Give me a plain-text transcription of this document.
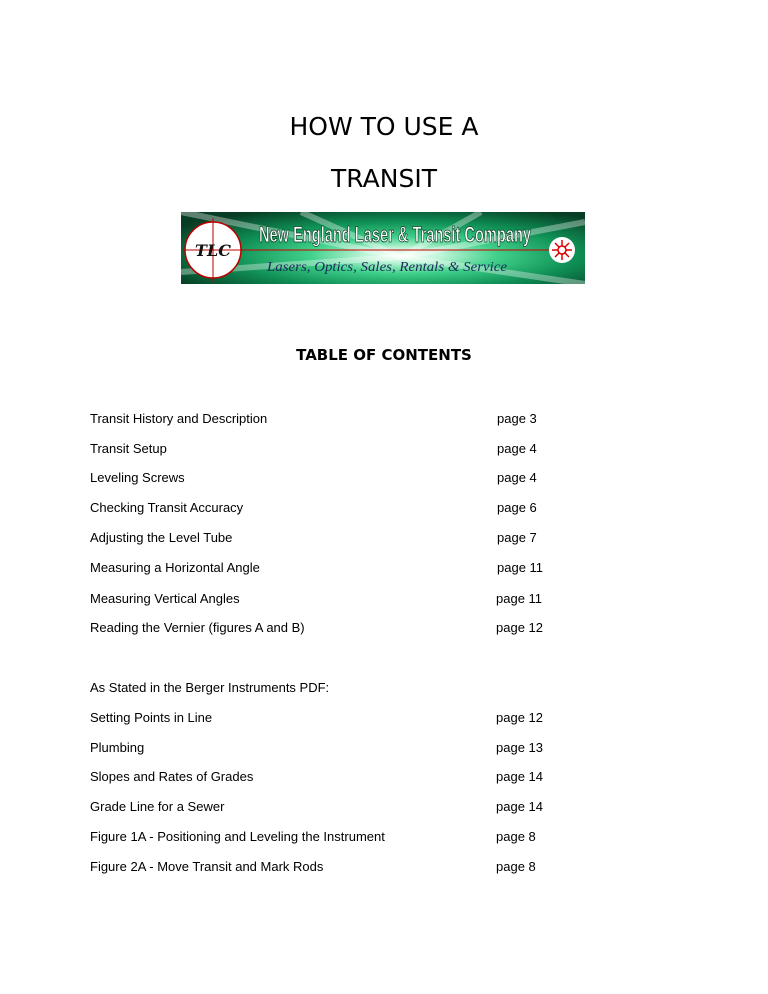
HOW TO USE A
TRANSIT
TLC
New England Laser & Transit Company
Lasers, Optics, Sales, Rentals & Service
TABLE OF CONTENTS
Transit History and Description	page 3
Transit Setup	page 4
Leveling Screws	page 4
Checking Transit Accuracy	page 6
Adjusting the Level Tube	page 7
Measuring a Horizontal Angle	page 11
Measuring Vertical Angles	page 11
Reading the Vernier (figures A and B)	page 12
As Stated in the Berger Instruments PDF:
Setting Points in Line	page 12
Plumbing	page 13
Slopes and Rates of Grades	page 14
Grade Line for a Sewer	page 14
Figure 1A - Positioning and Leveling the Instrument	page 8
Figure 2A - Move Transit and Mark Rods	page 8
